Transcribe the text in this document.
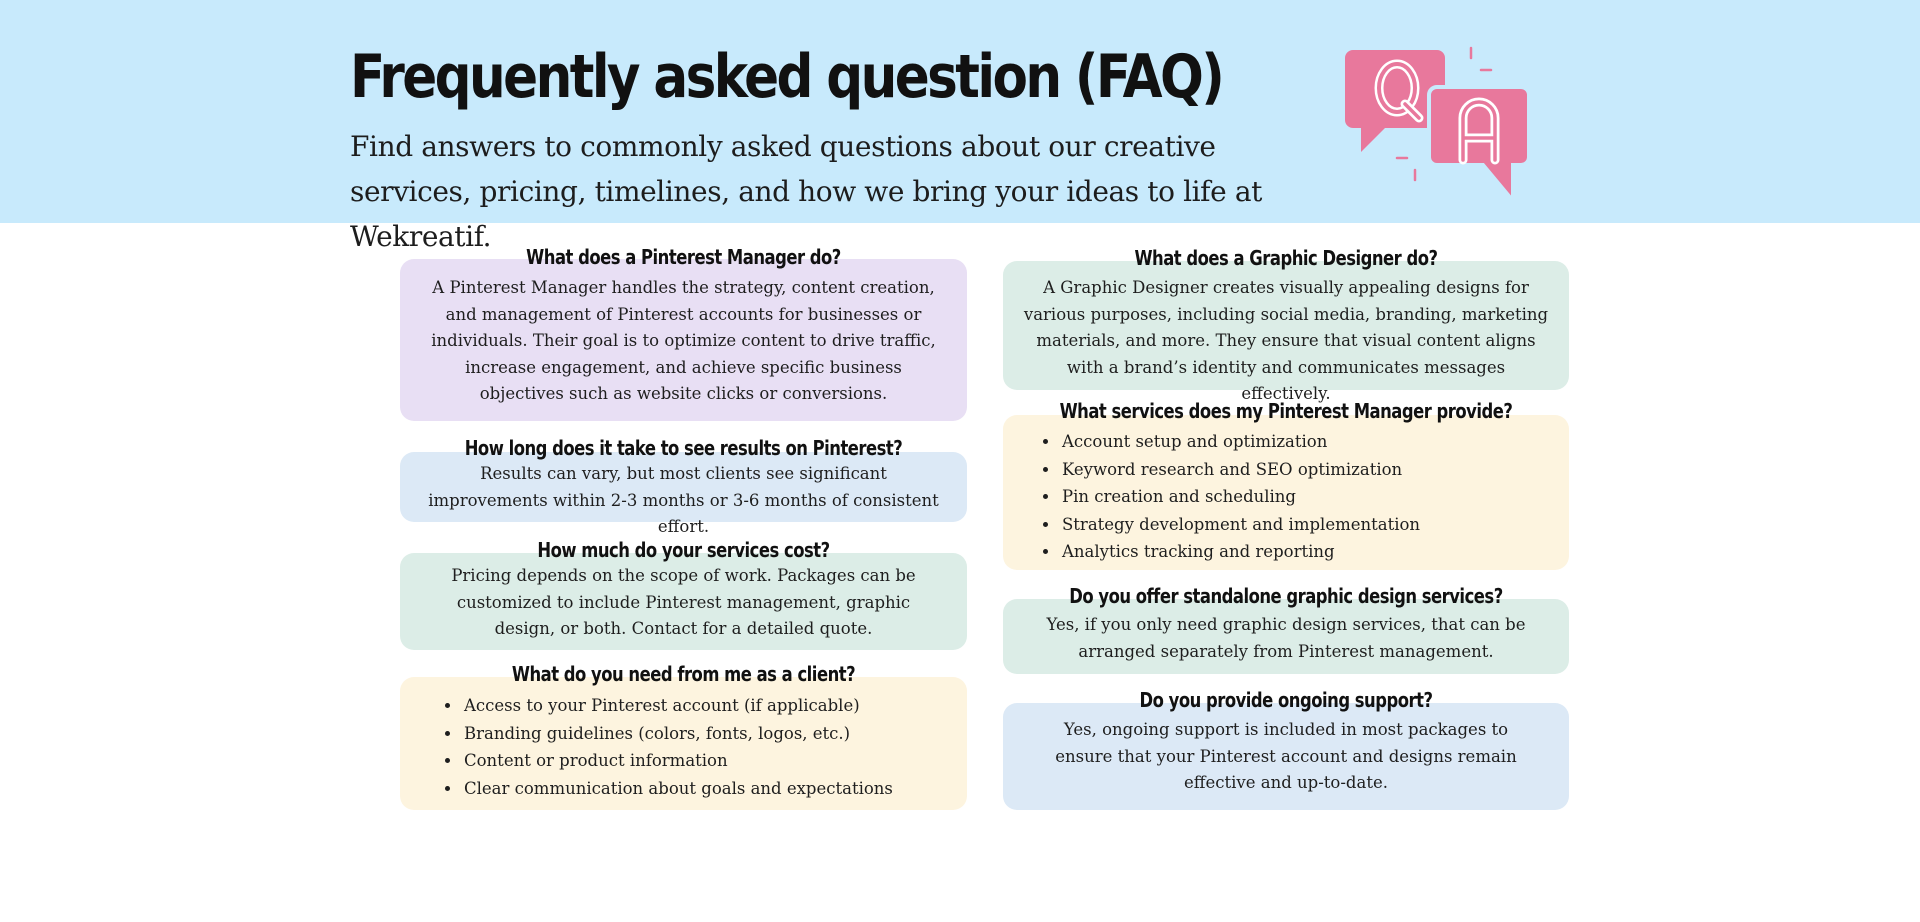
Frequently asked question (FAQ)

Find answers to commonly asked questions about our creative services, pricing, timelines, and how we bring your ideas to life at Wekreatif.

What does a Pinterest Manager do?

A Pinterest Manager handles the strategy, content creation, and management of Pinterest accounts for businesses or individuals. Their goal is to optimize content to drive traffic, increase engagement, and achieve specific business objectives such as website clicks or conversions.

How long does it take to see results on Pinterest?

Results can vary, but most clients see significant improvements within 2-3 months or 3-6 months of consistent effort.

How much do your services cost?

Pricing depends on the scope of work. Packages can be customized to include Pinterest management, graphic design, or both. Contact for a detailed quote.

What do you need from me as a client?
• Access to your Pinterest account (if applicable)
• Branding guidelines (colors, fonts, logos, etc.)
• Content or product information
• Clear communication about goals and expectations
What does a Graphic Designer do?

A Graphic Designer creates visually appealing designs for various purposes, including social media, branding, marketing materials, and more. They ensure that visual content aligns with a brand’s identity and communicates messages effectively.

What services does my Pinterest Manager provide?
• Account setup and optimization
• Keyword research and SEO optimization
• Pin creation and scheduling
• Strategy development and implementation
• Analytics tracking and reporting
Do you offer standalone graphic design services?

Yes, if you only need graphic design services, that can be arranged separately from Pinterest management.

Do you provide ongoing support?

Yes, ongoing support is included in most packages to ensure that your Pinterest account and designs remain effective and up-to-date.
